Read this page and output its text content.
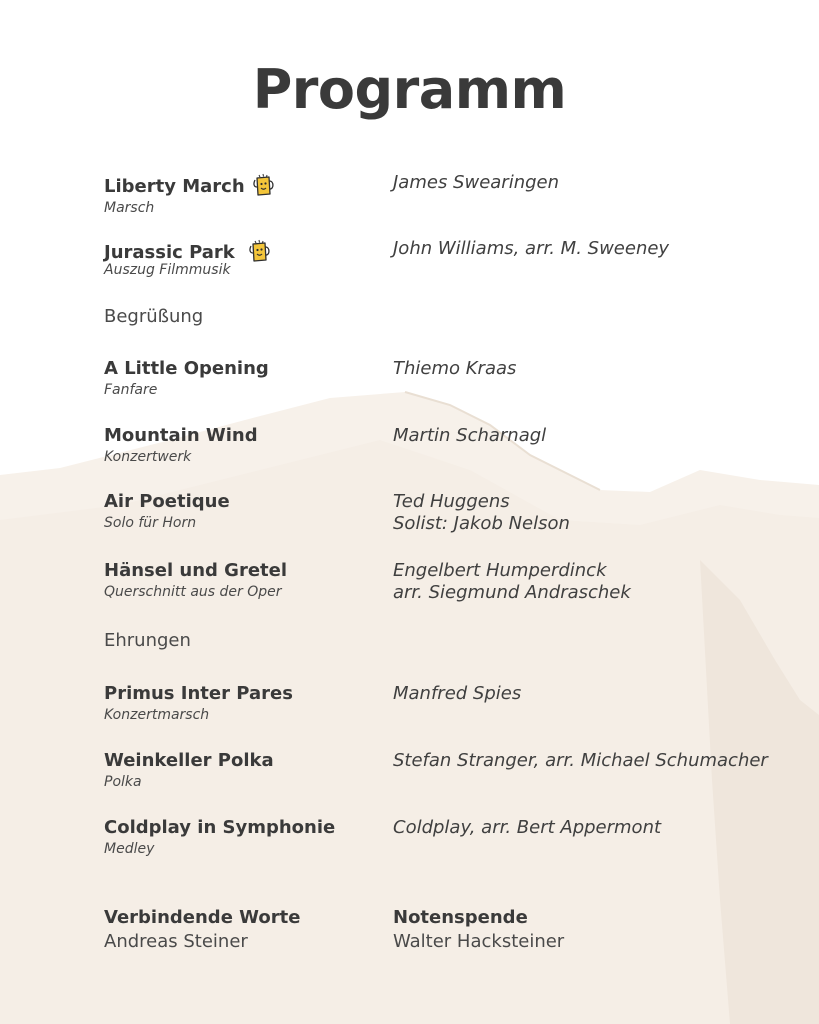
Programm
Liberty March
Marsch
James Swearingen
Jurassic Park
Auszug Filmmusik
John Williams, arr. M. Sweeney
Begrüßung
A Little Opening
Fanfare
Thiemo Kraas
Mountain Wind
Konzertwerk
Martin Scharnagl
Air Poetique
Solo für Horn
Ted Huggens
Solist: Jakob Nelson
Hänsel und Gretel
Querschnitt aus der Oper
Engelbert Humperdinck
arr. Siegmund Andraschek
Ehrungen
Primus Inter Pares
Konzertmarsch
Manfred Spies
Weinkeller Polka
Polka
Stefan Stranger, arr. Michael Schumacher
Coldplay in Symphonie
Medley
Coldplay, arr. Bert Appermont
Verbindende Worte
Andreas Steiner
Notenspende
Walter Hacksteiner
